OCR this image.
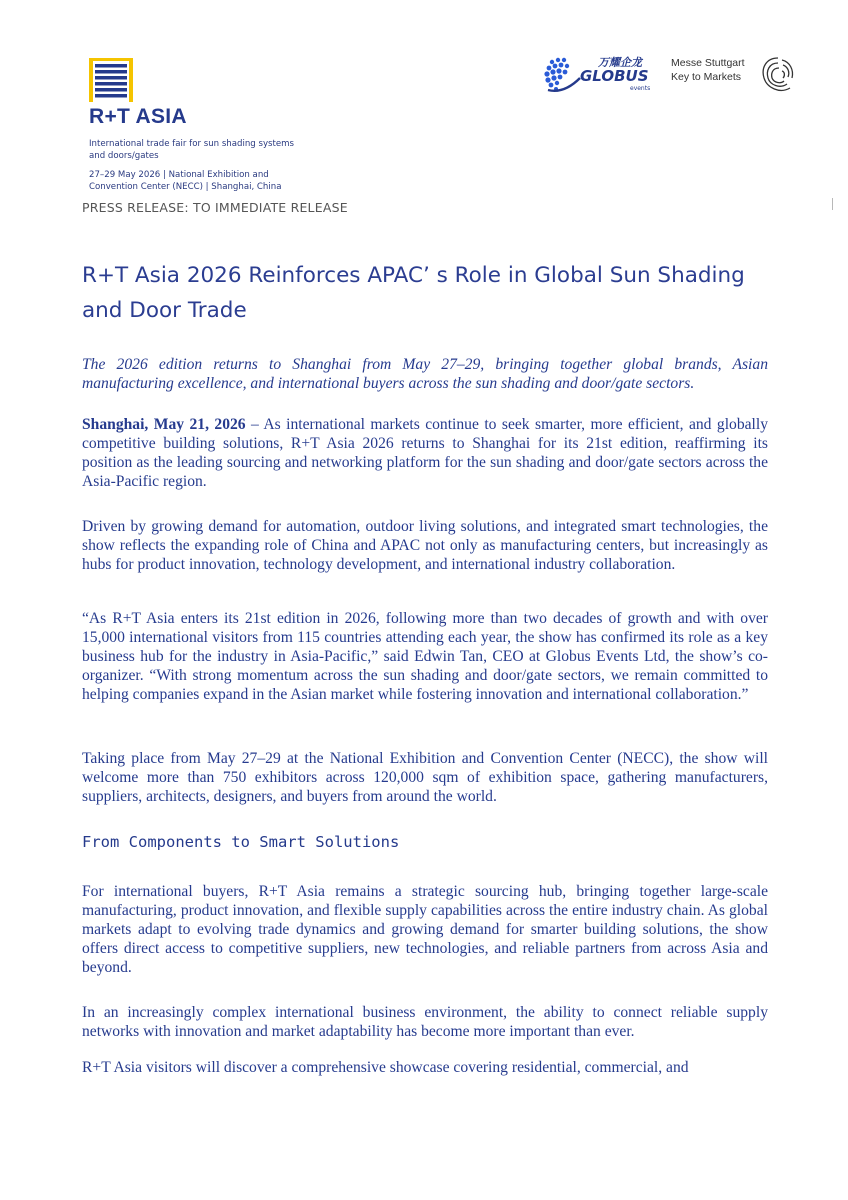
R+T ASIA
International trade fair for sun shading systems
and doors/gates
27–29 May 2026 | National Exhibition and
Convention Center (NECC) | Shanghai, China
万耀企龙
GLOBUS
events
Messe Stuttgart
Key to Markets
PRESS RELEASE: TO IMMEDIATE RELEASE
R+T Asia 2026 Reinforces APAC’ s Role in Global Sun Shading
and Door Trade

The 2026 edition returns to Shanghai from May 27–29, bringing together global brands, Asian manufacturing excellence, and international buyers across the sun shading and door/gate sectors.

Shanghai, May 21, 2026 – As international markets continue to seek smarter, more efficient, and globally competitive building solutions, R+T Asia 2026 returns to Shanghai for its 21st edition, reaffirming its position as the leading sourcing and networking platform for the sun shading and door/gate sectors across the Asia-Pacific region.

Driven by growing demand for automation, outdoor living solutions, and integrated smart technologies, the show reflects the expanding role of China and APAC not only as manufacturing centers, but increasingly as hubs for product innovation, technology development, and international industry collaboration.

“As R+T Asia enters its 21st edition in 2026, following more than two decades of growth and with over 15,000 international visitors from 115 countries attending each year, the show has confirmed its role as a key business hub for the industry in Asia-Pacific,” said Edwin Tan, CEO at Globus Events Ltd, the show’s co-organizer. “With strong momentum across the sun shading and door/gate sectors, we remain committed to helping companies expand in the Asian market while fostering innovation and international collaboration.”

Taking place from May 27–29 at the National Exhibition and Convention Center (NECC), the show will welcome more than 750 exhibitors across 120,000 sqm of exhibition space, gathering manufacturers, suppliers, architects, designers, and buyers from around the world.

From Components to Smart Solutions

For international buyers, R+T Asia remains a strategic sourcing hub, bringing together large-scale manufacturing, product innovation, and flexible supply capabilities across the entire industry chain. As global markets adapt to evolving trade dynamics and growing demand for smarter building solutions, the show offers direct access to competitive suppliers, new technologies, and reliable partners from across Asia and beyond.

In an increasingly complex international business environment, the ability to connect reliable supply networks with innovation and market adaptability has become more important than ever.

R+T Asia visitors will discover a comprehensive showcase covering residential, commercial, and
